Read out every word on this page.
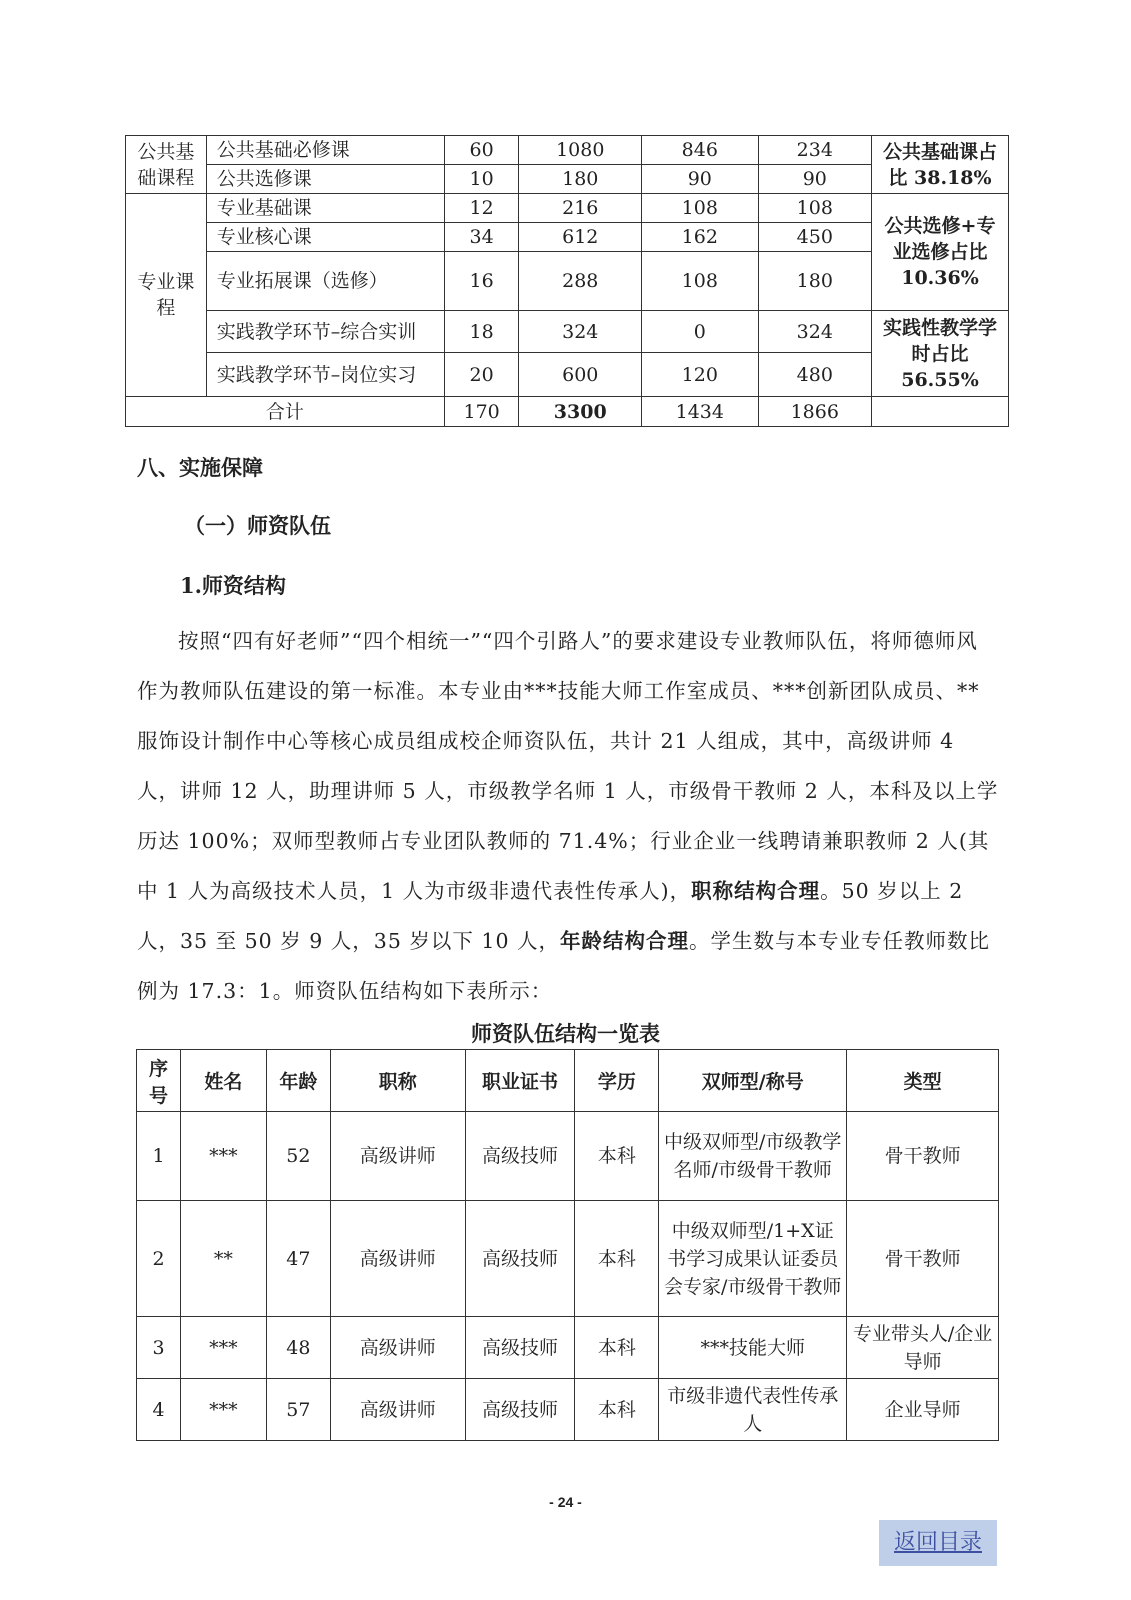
公共基础课程	公共基础必修课	60	1080	846	234	公共基础课占比 38.18%
	公共选修课	10	180	90	90	
专业课程	专业基础课	12	216	108	108	公共选修+专业选修占比10.36%
	专业核心课	34	612	162	450	
	专业拓展课（选修）	16	288	108	180	
	实践教学环节–综合实训	18	324	0	324	实践性教学学时占比56.55%
	实践教学环节–岗位实习	20	600	120	480	
合计		170	3300	1434	1866	
八、实施保障
（一）师资队伍
1.师资结构
按照“四有好老师”“四个相统一”“四个引路人”的要求建设专业教师队伍，将师德师风作为教师队伍建设的第一标准。本专业由***技能大师工作室成员、***创新团队成员、**服饰设计制作中心等核心成员组成校企师资队伍，共计 21 人组成，其中，高级讲师 4 人，讲师 12 人，助理讲师 5 人，市级教学名师 1 人，市级骨干教师 2 人，本科及以上学历达 100%；双师型教师占专业团队教师的 71.4%；行业企业一线聘请兼职教师 2 人(其中 1 人为高级技术人员，1 人为市级非遗代表性传承人)，职称结构合理。50 岁以上 2 人，35 至 50 岁 9 人，35 岁以下 10 人，年龄结构合理。学生数与本专业专任教师数比例为 17.3：1。师资队伍结构如下表所示：
师资队伍结构一览表
序号	姓名	年龄	职称	职业证书	学历	双师型/称号	类型
1	***	52	高级讲师	高级技师	本科	中级双师型/市级教学名师/市级骨干教师	骨干教师
2	**	47	高级讲师	高级技师	本科	中级双师型/1+X证书学习成果认证委员会专家/市级骨干教师	骨干教师
3	***	48	高级讲师	高级技师	本科	***技能大师	专业带头人/企业导师
4	***	57	高级讲师	高级技师	本科	市级非遗代表性传承人	企业导师
- 24 -
返回目录
